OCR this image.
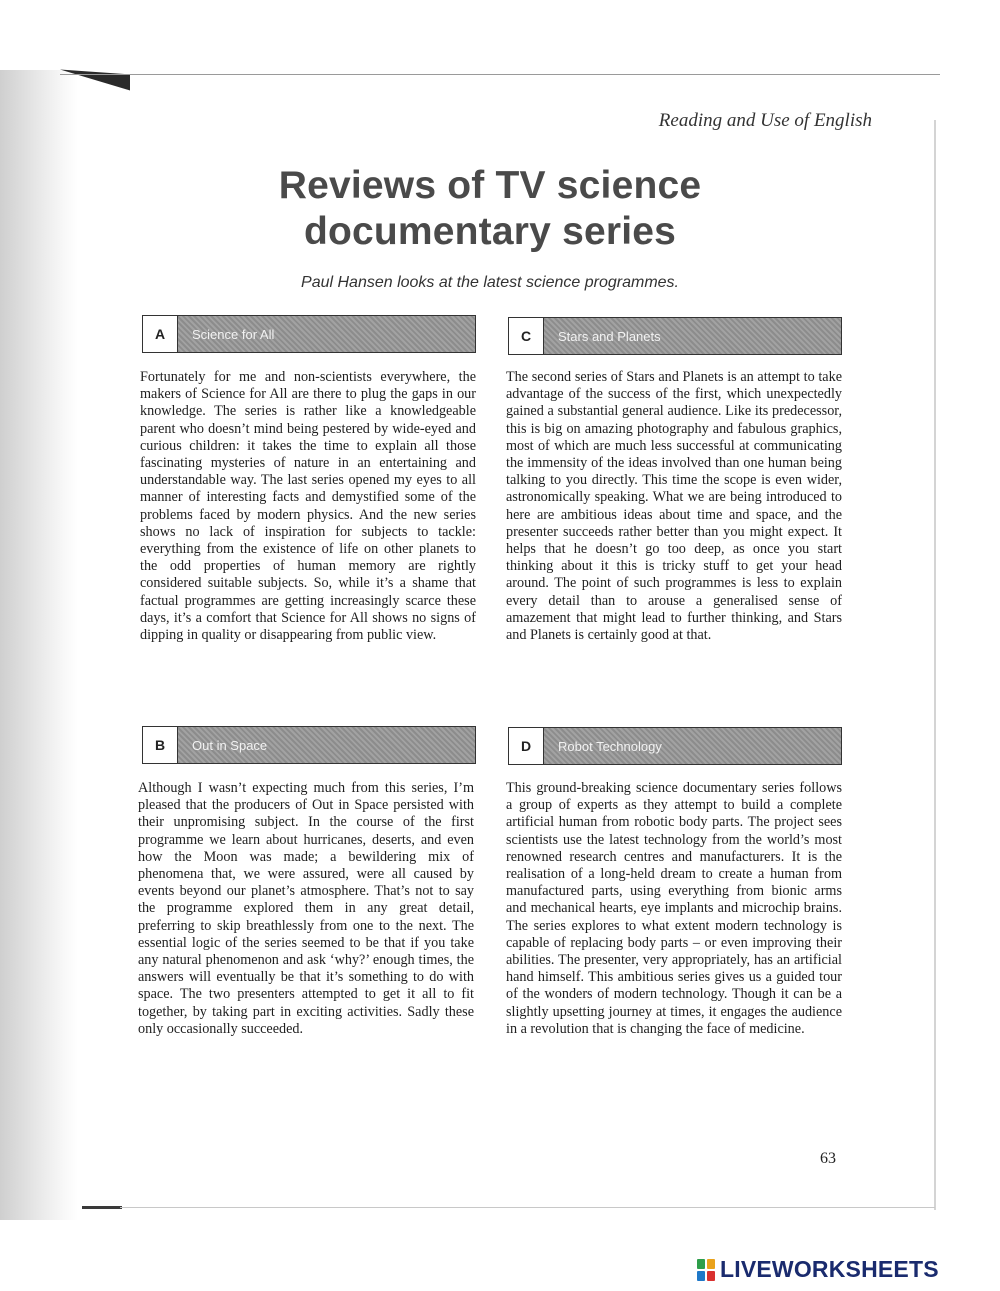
Reading and Use of English
Reviews of TV science
documentary series
Paul Hansen looks at the latest science programmes.
A	Science for All

Fortunately for me and non-scientists everywhere, the makers of Science for All are there to plug the gaps in our knowledge. The series is rather like a knowledgeable parent who doesn’t mind being pestered by wide-eyed and curious children: it takes the time to explain all those fascinating mysteries of nature in an entertaining and understandable way. The last series opened my eyes to all manner of interesting facts and demystified some of the problems faced by modern physics. And the new series shows no lack of inspiration for subjects to tackle: everything from the existence of life on other planets to the odd properties of human memory are rightly considered suitable subjects. So, while it’s a shame that factual programmes are getting increasingly scarce these days, it’s a comfort that Science for All shows no signs of dipping in quality or disappearing from public view.

C	Stars and Planets

The second series of Stars and Planets is an attempt to take advantage of the success of the first, which unexpectedly gained a substantial general audience. Like its predecessor, this is big on amazing photography and fabulous graphics, most of which are much less successful at communicating the immensity of the ideas involved than one human being talking to you directly. This time the scope is even wider, astronomically speaking. What we are being introduced to here are ambitious ideas about time and space, and the presenter succeeds rather better than you might expect. It helps that he doesn’t go too deep, as once you start thinking about it this is tricky stuff to get your head around. The point of such programmes is less to explain every detail than to arouse a generalised sense of amazement that might lead to further thinking, and Stars and Planets is certainly good at that.

B	Out in Space

Although I wasn’t expecting much from this series, I’m pleased that the producers of Out in Space persisted with their unpromising subject. In the course of the first programme we learn about hurricanes, deserts, and even how the Moon was made; a bewildering mix of phenomena that, we were assured, were all caused by events beyond our planet’s atmosphere. That’s not to say the programme explored them in any great detail, preferring to skip breathlessly from one to the next. The essential logic of the series seemed to be that if you take any natural phenomenon and ask ‘why?’ enough times, the answers will eventually be that it’s something to do with space. The two presenters attempted to get it all to fit together, by taking part in exciting activities. Sadly these only occasionally succeeded.

D	Robot Technology

This ground-breaking science documentary series follows a group of experts as they attempt to build a complete artificial human from robotic body parts. The project sees scientists use the latest technology from the world’s most renowned research centres and manufacturers. It is the realisation of a long-held dream to create a human from manufactured parts, using everything from bionic arms and mechanical hearts, eye implants and microchip brains. The series explores to what extent modern technology is capable of replacing body parts – or even improving their abilities. The presenter, very appropriately, has an artificial hand himself. This ambitious series gives us a guided tour of the wonders of modern technology. Though it can be a slightly upsetting journey at times, it engages the audience in a revolution that is changing the face of medicine.

63
LIVEWORKSHEETS
